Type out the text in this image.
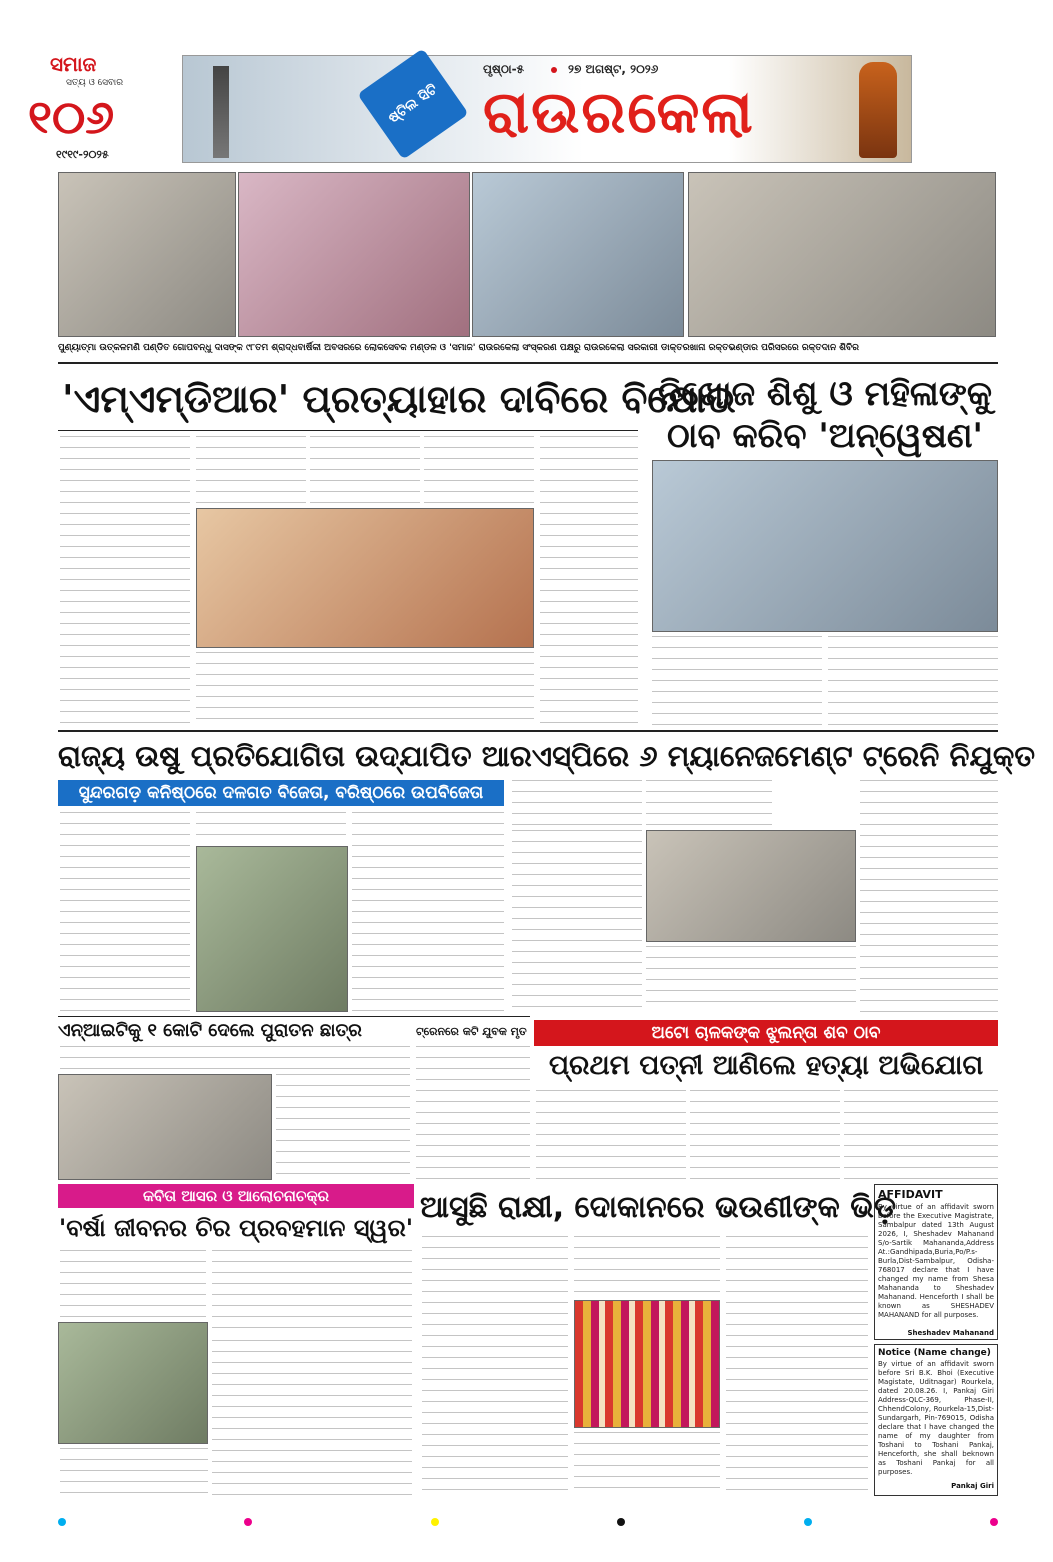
ସମାଜ
ସତ୍ୟ ଓ ସେବାର
୧୦୬
୧୯୧୯-୨୦୨୫
ଷ୍ଟିଲ ସିଟି
ପୃଷ୍ଠା-୫	୨୭ ଅଗଷ୍ଟ, ୨୦୨୬
ରାଉରକେଲା
ପୁଣ୍ୟାତ୍ମା ଉତ୍କଳମଣି ପଣ୍ଡିତ ଗୋପବନ୍ଧୁ ଦାସଙ୍କ ୯୮ତମ ଶ୍ରାଦ୍ଧବାର୍ଷିକୀ ଅବସରରେ ଲୋକସେବକ ମଣ୍ଡଳ ଓ 'ସମାଜ' ରାଉରକେଲା ସଂସ୍କରଣ ପକ୍ଷରୁ ରାଉରକେଲା ସରକାରୀ ଡାକ୍ତରଖାନା ରକ୍ତଭଣ୍ଡାର ପରିସରରେ ରକ୍ତଦାନ ଶିବିର
'ଏମ୍‌ଏମ୍‌ଡିଆର' ପ୍ରତ୍ୟାହାର ଦାବିରେ ବିକ୍ଷୋଭ
ନିଖୋଜ ଶିଶୁ ଓ ମହିଳାଙ୍କୁ
ଠାବ କରିବ 'ଅନ୍ୱେଷଣ'
ରାଜ୍ୟ ଉଷୁ ପ୍ରତିଯୋଗିତା ଉଦ୍‌ଯାପିତ ଆରଏସ୍‌ପିରେ ୬ ମ୍ୟାନେଜମେଣ୍ଟ ଟ୍ରେନି ନିଯୁକ୍ତ
ସୁନ୍ଦରଗଡ଼ କନିଷ୍ଠରେ ଦଳଗତ ବିଜେତା, ବରିଷ୍ଠରେ ଉପବିଜେତା
ଏନ୍‌ଆଇଟିକୁ ୧ କୋଟି ଦେଲେ ପୁରାତନ ଛାତ୍ର	ଟ୍ରେନରେ କଟି ଯୁବକ ମୃତ	ଅଟୋ ଚାଳକଙ୍କ ଝୁଲନ୍ତା ଶବ ଠାବ
ପ୍ରଥମ ପତ୍ନୀ ଆଣିଲେ ହତ୍ୟା ଅଭିଯୋଗ
କବିତା ଆସର ଓ ଆଲୋଚନାଚକ୍ର
'ବର୍ଷା ଜୀବନର ଚିର ପ୍ରବହମାନ ସ୍ୱର'
ଆସୁଛି ରାକ୍ଷୀ, ଦୋକାନରେ ଭଉଣୀଙ୍କ ଭିଡ଼
AFFIDAVIT
By virtue of an affidavit sworn before the Executive Magistrate, Sambalpur dated 13th August 2026, I, Sheshadev Mahanand S/o-Sartik Mahananda,Address At.:Gandhipada,Buria,Po/P.s-Burla,Dist-Sambalpur, Odisha-768017 declare that I have changed my name from Shesa Mahananda to Sheshadev Mahanand. Henceforth I shall be known as SHESHADEV MAHANAND for all purposes.
Sheshadev Mahanand
Notice (Name change)
By virtue of an affidavit sworn before Sri B.K. Bhoi (Executive Magistate, Uditnagar) Rourkela, dated 20.08.26. I, Pankaj Giri Address-QLC-369, Phase-II, ChhendColony, Rourkela-15,Dist-Sundargarh, Pin-769015, Odisha declare that I have changed the name of my daughter from Toshani to Toshani Pankaj, Henceforth, she shall beknown as Toshani Pankaj for all purposes.
Pankaj Giri
